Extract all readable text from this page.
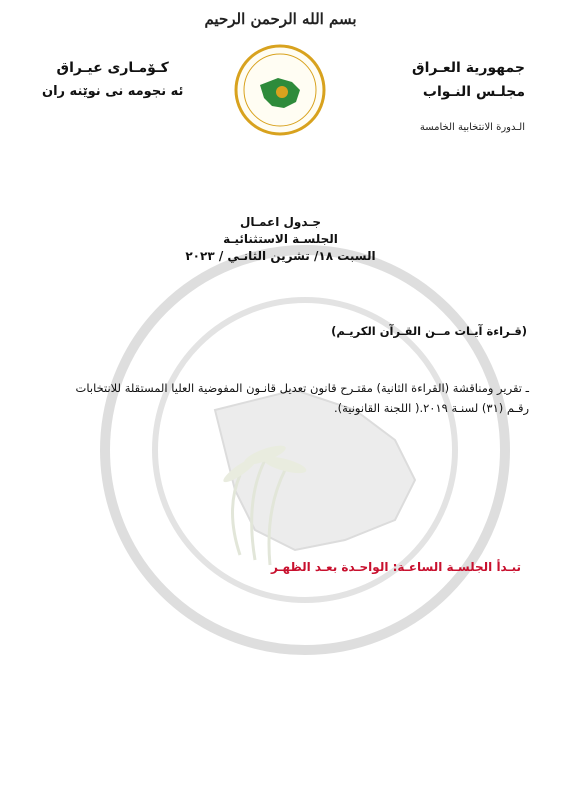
بسم الله الرحمن الرحيم
جمهورية العـراق
مجلـس النـواب
الـدورة الانتخابية الخامسة
كـۆمـاری عیـراق
ئه نجومه نی نوێنه ران
جـدول اعمـال
الجلسـة الاستثنائيـة
السبت ١٨/ تشرين الثانـي / ٢٠٢٣
(قـراءة آيـات مــن القـرآن الكريـم)
ـ تقرير ومناقشة (القراءة الثانية) مقتـرح قانون تعديل قانـون المفوضية العليا المستقلة للانتخابات
رقـم (٣١) لسنـة ٢٠١٩.( اللجنة القانونية).
تبـدأ الجلسـة الساعـة: الواحـدة بعـد الظهـر
